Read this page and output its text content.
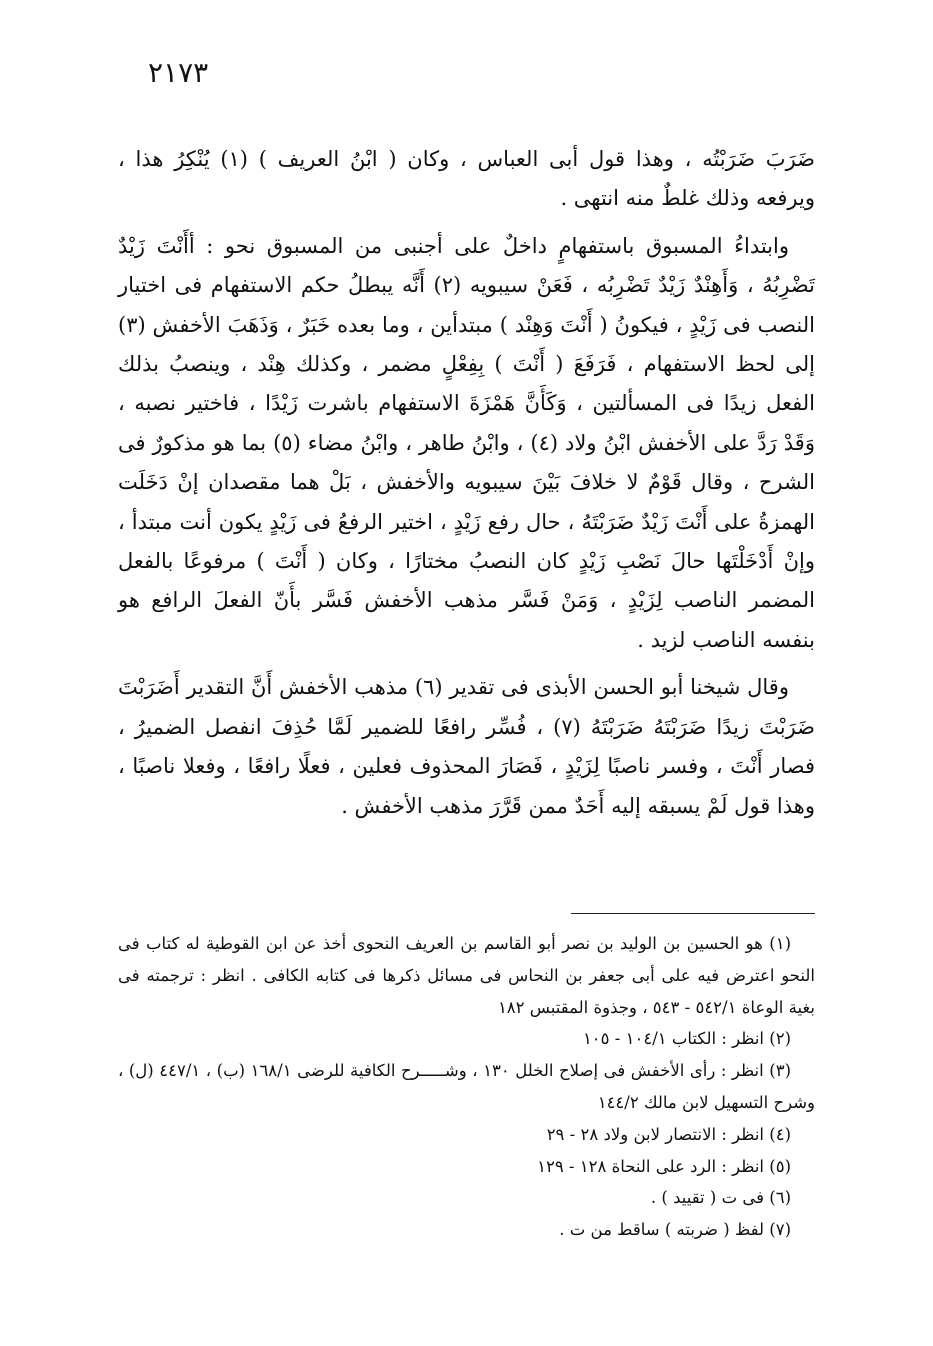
٢١٧٣

ضَرَبَ ضَرَبْتُه ، وهذا قول أبى العباس ، وكان ( ابْنُ العريف ) (١) يُنْكِرُ هذا ، ويرفعه وذلك غلطٌ منه انتهى .

وابتداءُ المسبوق باستفهامٍ داخلٌ على أجنبى من المسبوق نحو : أأَنْتَ زَيْدٌ تَضْرِبُهُ ، وَأَهِنْدٌ زَيْدٌ تَضْرِبُه ، فَعَنْ سيبويه (٢) أَنَّه يبطلُ حكم الاستفهام فى اختيار النصب فى زَيْدٍ ، فيكونُ ( أَنْتَ وَهِنْد ) مبتدأين ، وما بعده خَبَرٌ ، وَذَهَبَ الأخفش (٣) إلى لحظ الاستفهام ، فَرَفَعَ ( أَنْتَ ) بِفِعْلٍ مضمر ، وكذلك هِنْد ، وينصبُ بذلك الفعل زيدًا فى المسألتين ، وَكَأَنَّ هَمْزَةَ الاستفهام باشرت زَيْدًا ، فاختير نصبه ، وَقَدْ رَدَّ على الأخفش ابْنُ ولاد (٤) ، وابْنُ طاهر ، وابْنُ مضاء (٥) بما هو مذكورٌ فى الشرح ، وقال قَوْمٌ لا خلافَ بَيْنَ سيبويه والأخفش ، بَلْ هما مقصدان إنْ دَخَلَت الهمزةُ على أَنْتَ زَيْدٌ ضَرَبْتَهُ ، حال رفع زَيْدٍ ، اختير الرفعُ فى زَيْدٍ يكون أنت مبتدأ ، وإنْ أَدْخَلْتَها حالَ نَصْبِ زَيْدٍ كان النصبُ مختارًا ، وكان ( أَنْتَ ) مرفوعًا بالفعل المضمر الناصب لِزَيْدٍ ، وَمَنْ فَسَّر مذهب الأخفش فَسَّر بأَنّ الفعلَ الرافع هو بنفسه الناصب لزيد .

وقال شيخنا أبو الحسن الأبذى فى تقدير (٦) مذهب الأخفش أَنَّ التقدير أَضَرَبْتَ ضَرَبْتَ زيدًا ضَرَبْتَهُ ضَرَبْتَهُ (٧) ، فُسِّر رافعًا للضمير لَمَّا حُذِفَ انفصل الضميرُ ، فصار أَنْتَ ، وفسر ناصبًا لِزَيْدٍ ، فَصَارَ المحذوف فعلين ، فعلًا رافعًا ، وفعلا ناصبًا ، وهذا قول لَمْ يسبقه إليه أَحَدٌ ممن قَرَّرَ مذهب الأخفش .

(١) هو الحسين بن الوليد بن نصر أبو القاسم بن العريف النحوى أخذ عن ابن القوطية له كتاب فى النحو اعترض فيه على أبى جعفر بن النحاس فى مسائل ذكرها فى كتابه الكافى . انظر : ترجمته فى بغية الوعاة ٥٤٢/١ - ٥٤٣ ، وجذوة المقتبس ١٨٢

(٢) انظر : الكتاب ١٠٤/١ - ١٠٥

(٣) انظر : رأى الأخفش فى إصلاح الخلل ١٣٠ ، وشـــــرح الكافية للرضى ١٦٨/١ (ب) ، ٤٤٧/١ (ل) ، وشرح التسهيل لابن مالك ١٤٤/٢

(٤) انظر : الانتصار لابن ولاد ٢٨ - ٢٩

(٥) انظر : الرد على النحاة ١٢٨ - ١٢٩

(٦) فى ت ( تقييد ) .

(٧) لفظ ( ضربته ) ساقط من ت .
